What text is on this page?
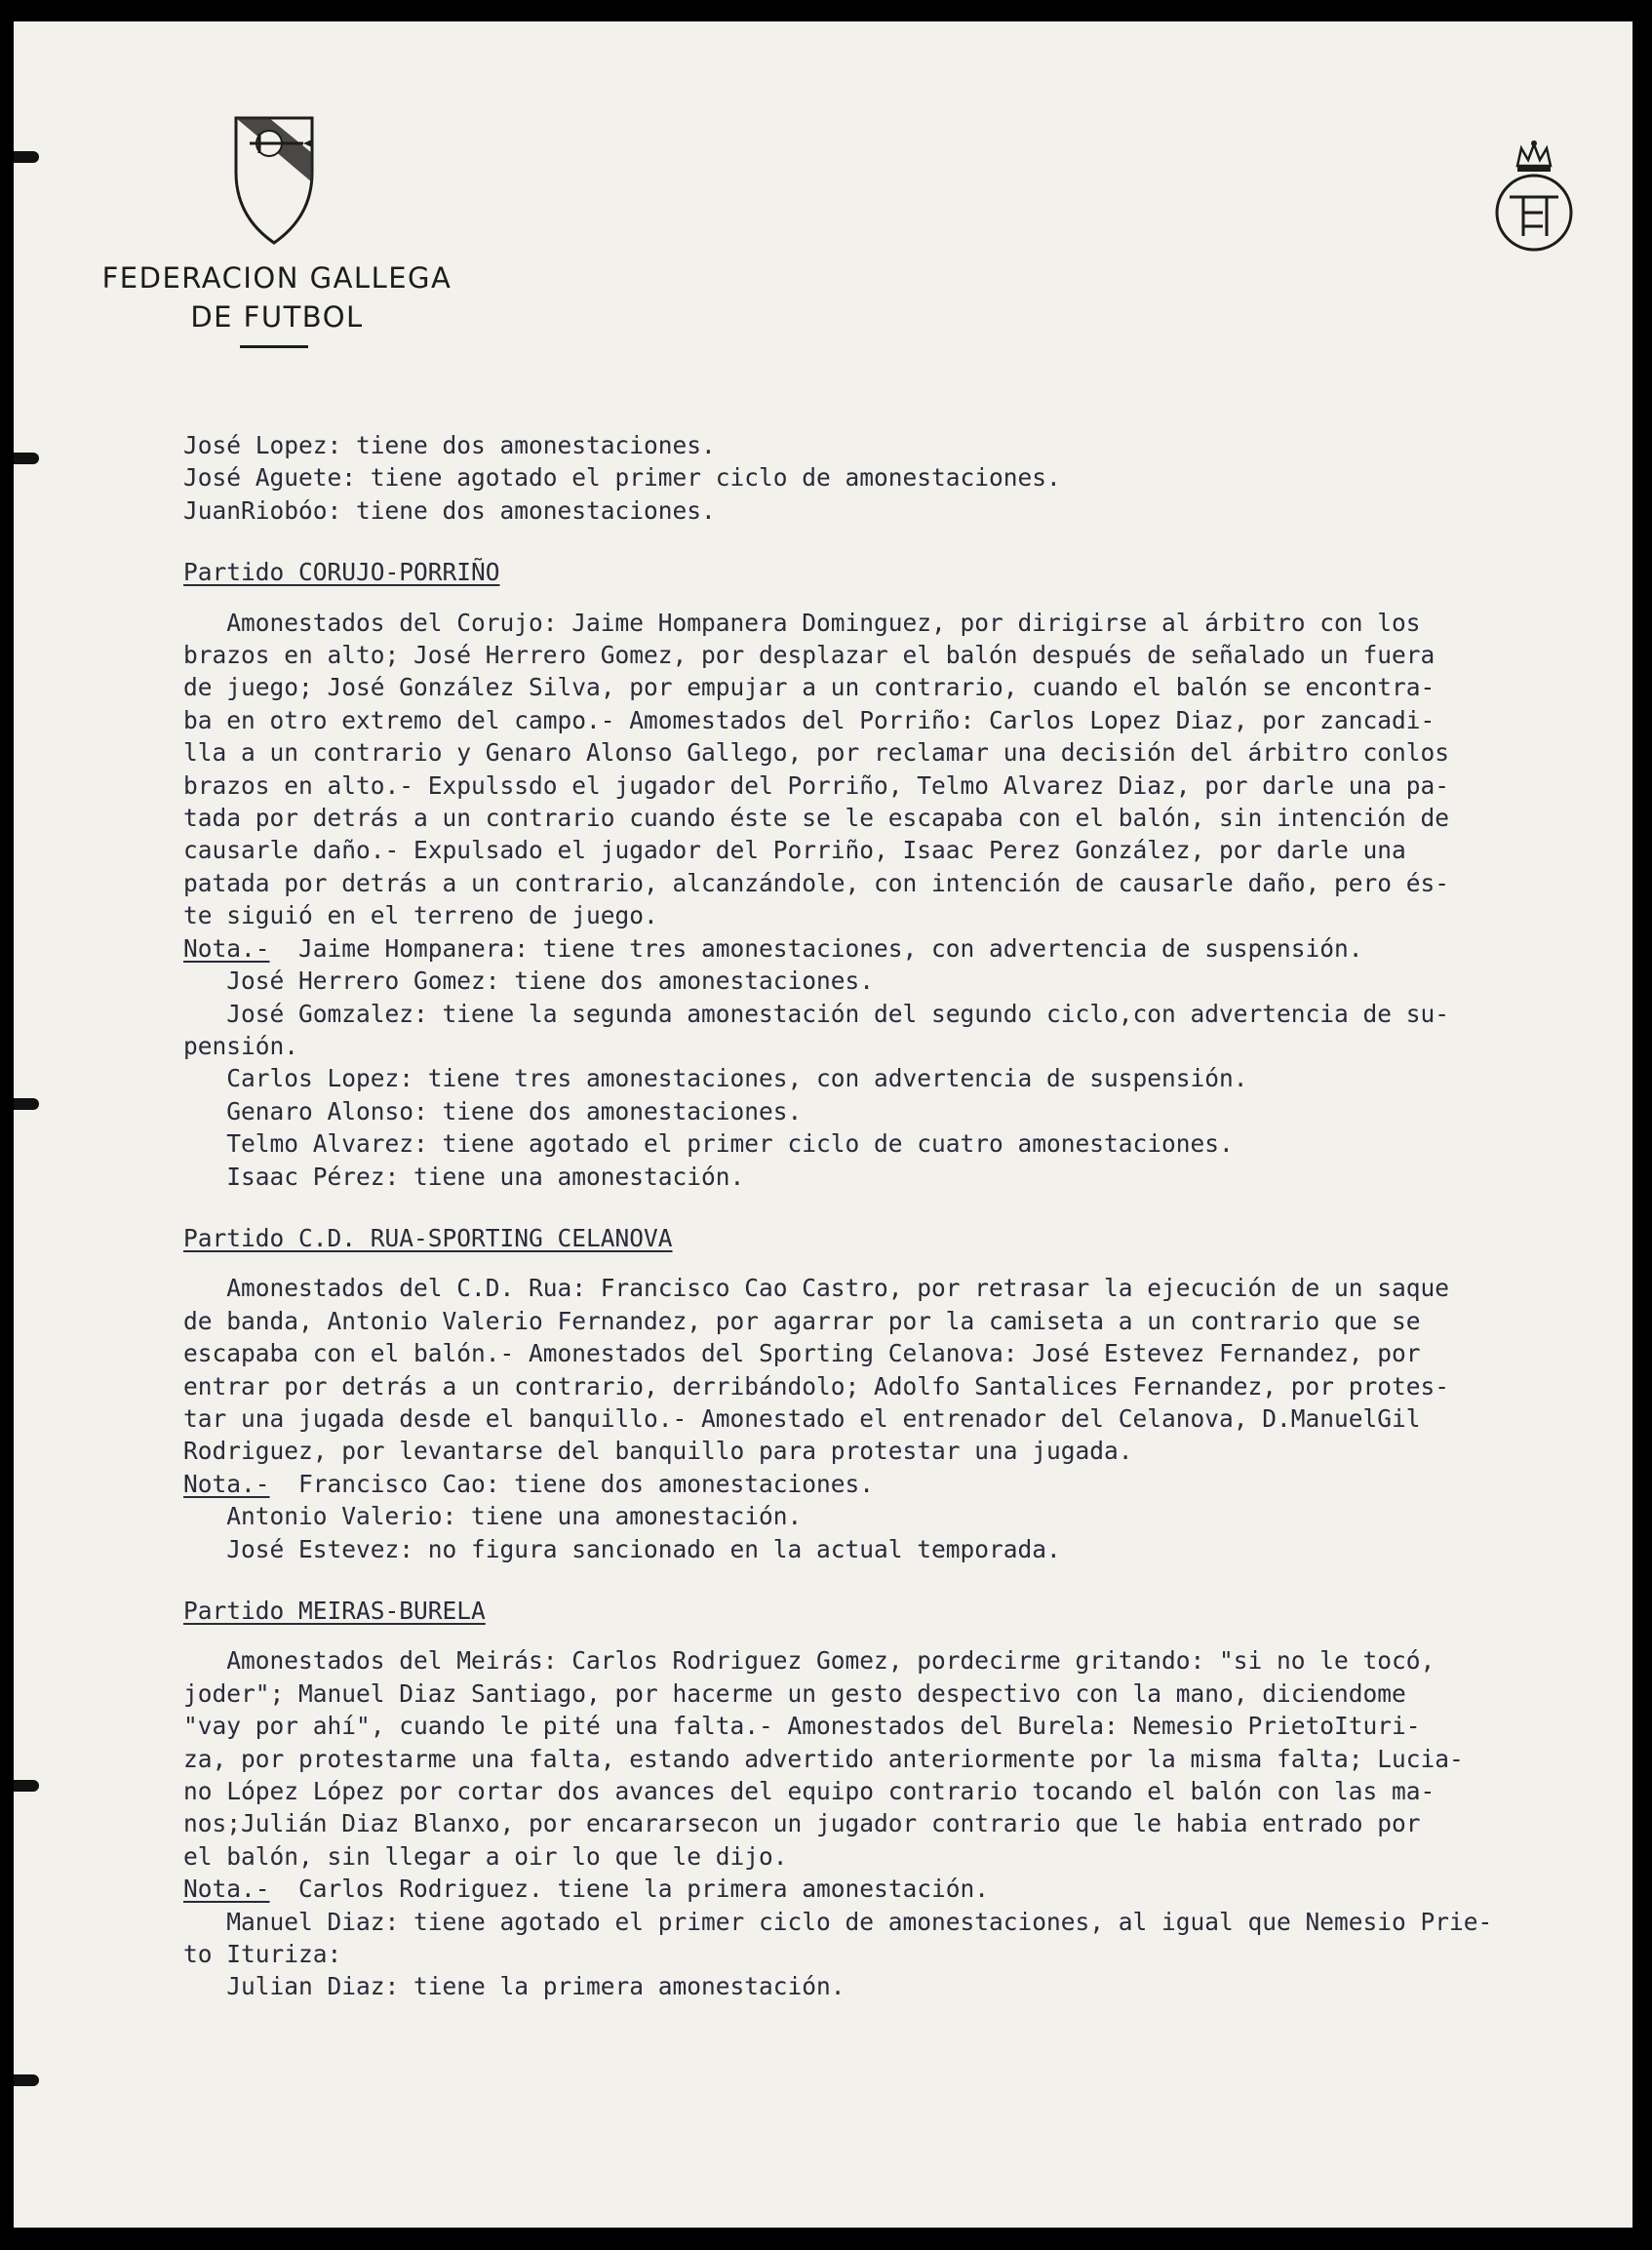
FEDERACION GALLEGA
DE FUTBOL
José Lopez: tiene dos amonestaciones.
José Aguete: tiene agotado el primer ciclo de amonestaciones.
JuanRiobóo: tiene dos amonestaciones.
Partido CORUJO-PORRIÑO
Amonestados del Corujo: Jaime Hompanera Dominguez, por dirigirse al árbitro con los
brazos en alto; José Herrero Gomez, por desplazar el balón después de señalado un fuera
de juego; José González Silva, por empujar a un contrario, cuando el balón se encontra-
ba en otro extremo del campo.- Amomestados del Porriño: Carlos Lopez Diaz, por zancadi-
lla a un contrario y Genaro Alonso Gallego, por reclamar una decisión del árbitro conlos
brazos en alto.- Expulssdo el jugador del Porriño, Telmo Alvarez Diaz, por darle una pa-
tada por detrás a un contrario cuando éste se le escapaba con el balón, sin intención de
causarle daño.- Expulsado el jugador del Porriño, Isaac Perez González, por darle una
patada por detrás a un contrario, alcanzándole, con intención de causarle daño, pero és-
te siguió en el terreno de juego.
Nota.-  Jaime Hompanera: tiene tres amonestaciones, con advertencia de suspensión.
José Herrero Gomez: tiene dos amonestaciones.
José Gomzalez: tiene la segunda amonestación del segundo ciclo,con advertencia de su-
pensión.
Carlos Lopez: tiene tres amonestaciones, con advertencia de suspensión.
Genaro Alonso: tiene dos amonestaciones.
Telmo Alvarez: tiene agotado el primer ciclo de cuatro amonestaciones.
Isaac Pérez: tiene una amonestación.
Partido C.D. RUA-SPORTING CELANOVA
Amonestados del C.D. Rua: Francisco Cao Castro, por retrasar la ejecución de un saque
de banda, Antonio Valerio Fernandez, por agarrar por la camiseta a un contrario que se
escapaba con el balón.- Amonestados del Sporting Celanova: José Estevez Fernandez, por
entrar por detrás a un contrario, derribándolo; Adolfo Santalices Fernandez, por protes-
tar una jugada desde el banquillo.- Amonestado el entrenador del Celanova, D.ManuelGil
Rodriguez, por levantarse del banquillo para protestar una jugada.
Nota.-  Francisco Cao: tiene dos amonestaciones.
Antonio Valerio: tiene una amonestación.
José Estevez: no figura sancionado en la actual temporada.
Partido MEIRAS-BURELA
Amonestados del Meirás: Carlos Rodriguez Gomez, pordecirme gritando: "si no le tocó,
joder"; Manuel Diaz Santiago, por hacerme un gesto despectivo con la mano, diciendome
"vay por ahí", cuando le pité una falta.- Amonestados del Burela: Nemesio PrietoIturi-
za, por protestarme una falta, estando advertido anteriormente por la misma falta; Lucia-
no López López por cortar dos avances del equipo contrario tocando el balón con las ma-
nos;Julián Diaz Blanxo, por encararsecon un jugador contrario que le habia entrado por
el balón, sin llegar a oir lo que le dijo.
Nota.-  Carlos Rodriguez. tiene la primera amonestación.
Manuel Diaz: tiene agotado el primer ciclo de amonestaciones, al igual que Nemesio Prie-
to Ituriza:
Julian Diaz: tiene la primera amonestación.
